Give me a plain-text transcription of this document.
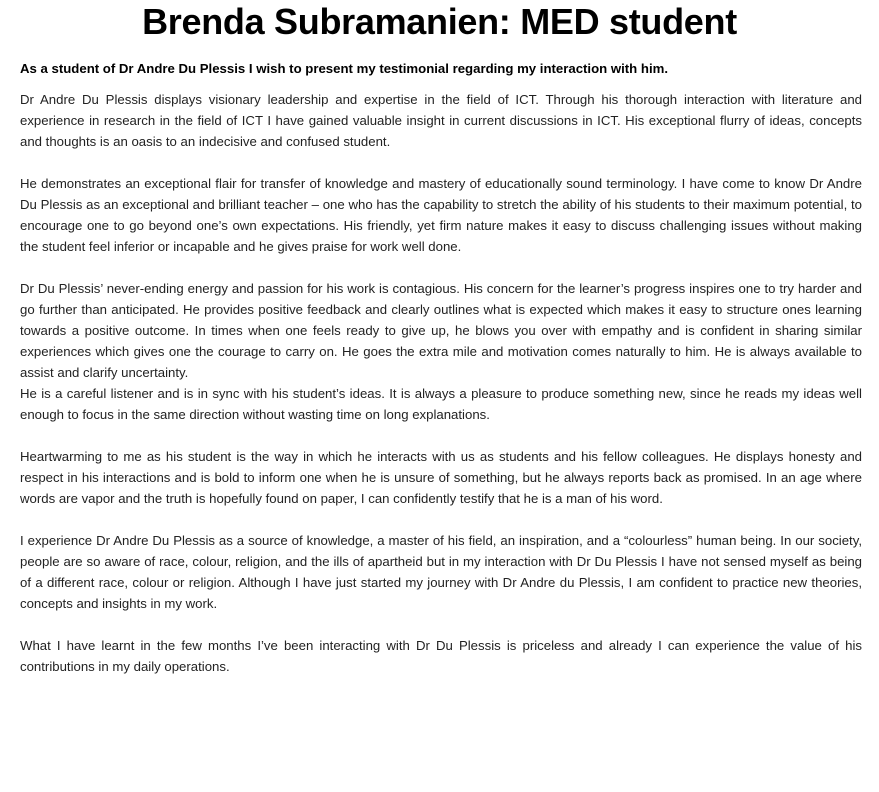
Brenda Subramanien: MED student

As a student of Dr Andre Du Plessis I wish to present my testimonial regarding my interaction with him.

Dr Andre Du Plessis displays visionary leadership and expertise in the field of ICT. Through his thorough interaction with literature and experience in research in the field of ICT I have gained valuable insight in current discussions in ICT. His exceptional flurry of ideas, concepts and thoughts is an oasis to an indecisive and confused student.

He demonstrates an exceptional flair for transfer of knowledge and mastery of educationally sound terminology. I have come to know Dr Andre Du Plessis as an exceptional and brilliant teacher – one who has the capability to stretch the ability of his students to their maximum potential, to encourage one to go beyond one’s own expectations. His friendly, yet firm nature makes it easy to discuss challenging issues without making the student feel inferior or incapable and he gives praise for work well done.

Dr Du Plessis’ never-ending energy and passion for his work is contagious. His concern for the learner’s progress inspires one to try harder and go further than anticipated. He provides positive feedback and clearly outlines what is expected which makes it easy to structure ones learning towards a positive outcome. In times when one feels ready to give up, he blows you over with empathy and is confident in sharing similar experiences which gives one the courage to carry on. He goes the extra mile and motivation comes naturally to him. He is always available to assist and clarify uncertainty.

He is a careful listener and is in sync with his student’s ideas. It is always a pleasure to produce something new, since he reads my ideas well enough to focus in the same direction without wasting time on long explanations.

Heartwarming to me as his student is the way in which he interacts with us as students and his fellow colleagues. He displays honesty and respect in his interactions and is bold to inform one when he is unsure of something, but he always reports back as promised. In an age where words are vapor and the truth is hopefully found on paper, I can confidently testify that he is a man of his word.

I experience Dr Andre Du Plessis as a source of knowledge, a master of his field, an inspiration, and a “colourless” human being. In our society, people are so aware of race, colour, religion, and the ills of apartheid but in my interaction with Dr Du Plessis I have not sensed myself as being of a different race, colour or religion. Although I have just started my journey with Dr Andre du Plessis, I am confident to practice new theories, concepts and insights in my work.

What I have learnt in the few months I’ve been interacting with Dr Du Plessis is priceless and already I can experience the value of his contributions in my daily operations.
